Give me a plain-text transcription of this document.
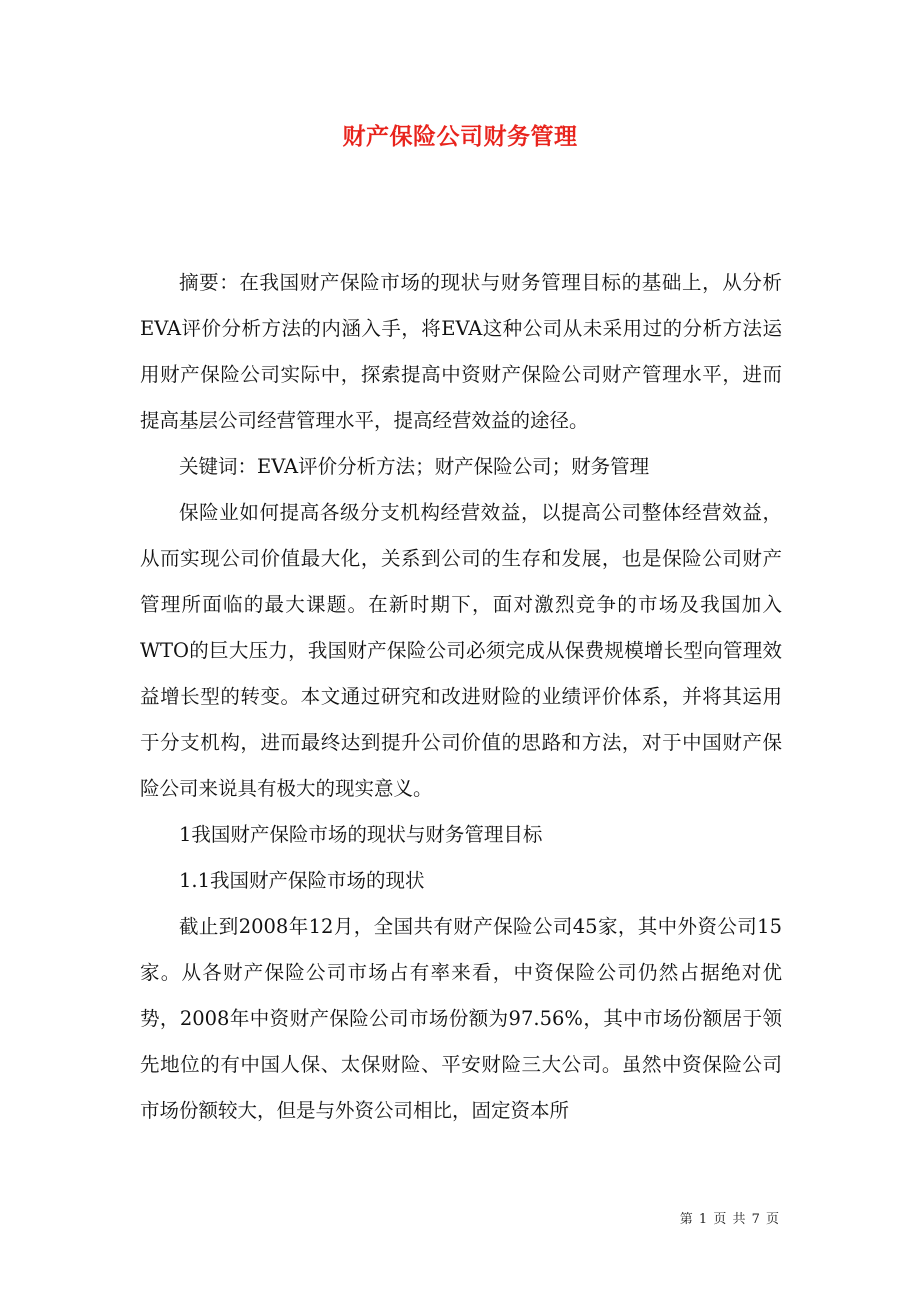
财产保险公司财务管理

摘要：在我国财产保险市场的现状与财务管理目标的基础上，从分析EVA评价分析方法的内涵入手，将EVA这种公司从未采用过的分析方法运用财产保险公司实际中，探索提高中资财产保险公司财产管理水平，进而提高基层公司经营管理水平，提高经营效益的途径。

关键词：EVA评价分析方法；财产保险公司；财务管理

保险业如何提高各级分支机构经营效益，以提高公司整体经营效益，从而实现公司价值最大化，关系到公司的生存和发展，也是保险公司财产管理所面临的最大课题。在新时期下，面对激烈竞争的市场及我国加入WTO的巨大压力，我国财产保险公司必须完成从保费规模增长型向管理效益增长型的转变。本文通过研究和改进财险的业绩评价体系，并将其运用于分支机构，进而最终达到提升公司价值的思路和方法，对于中国财产保险公司来说具有极大的现实意义。

1我国财产保险市场的现状与财务管理目标

1.1我国财产保险市场的现状

截止到2008年12月，全国共有财产保险公司45家，其中外资公司15家。从各财产保险公司市场占有率来看，中资保险公司仍然占据绝对优势，2008年中资财产保险公司市场份额为97.56%，其中市场份额居于领先地位的有中国人保、太保财险、平安财险三大公司。虽然中资保险公司市场份额较大，但是与外资公司相比，固定资本所

第 1 页 共 7 页
